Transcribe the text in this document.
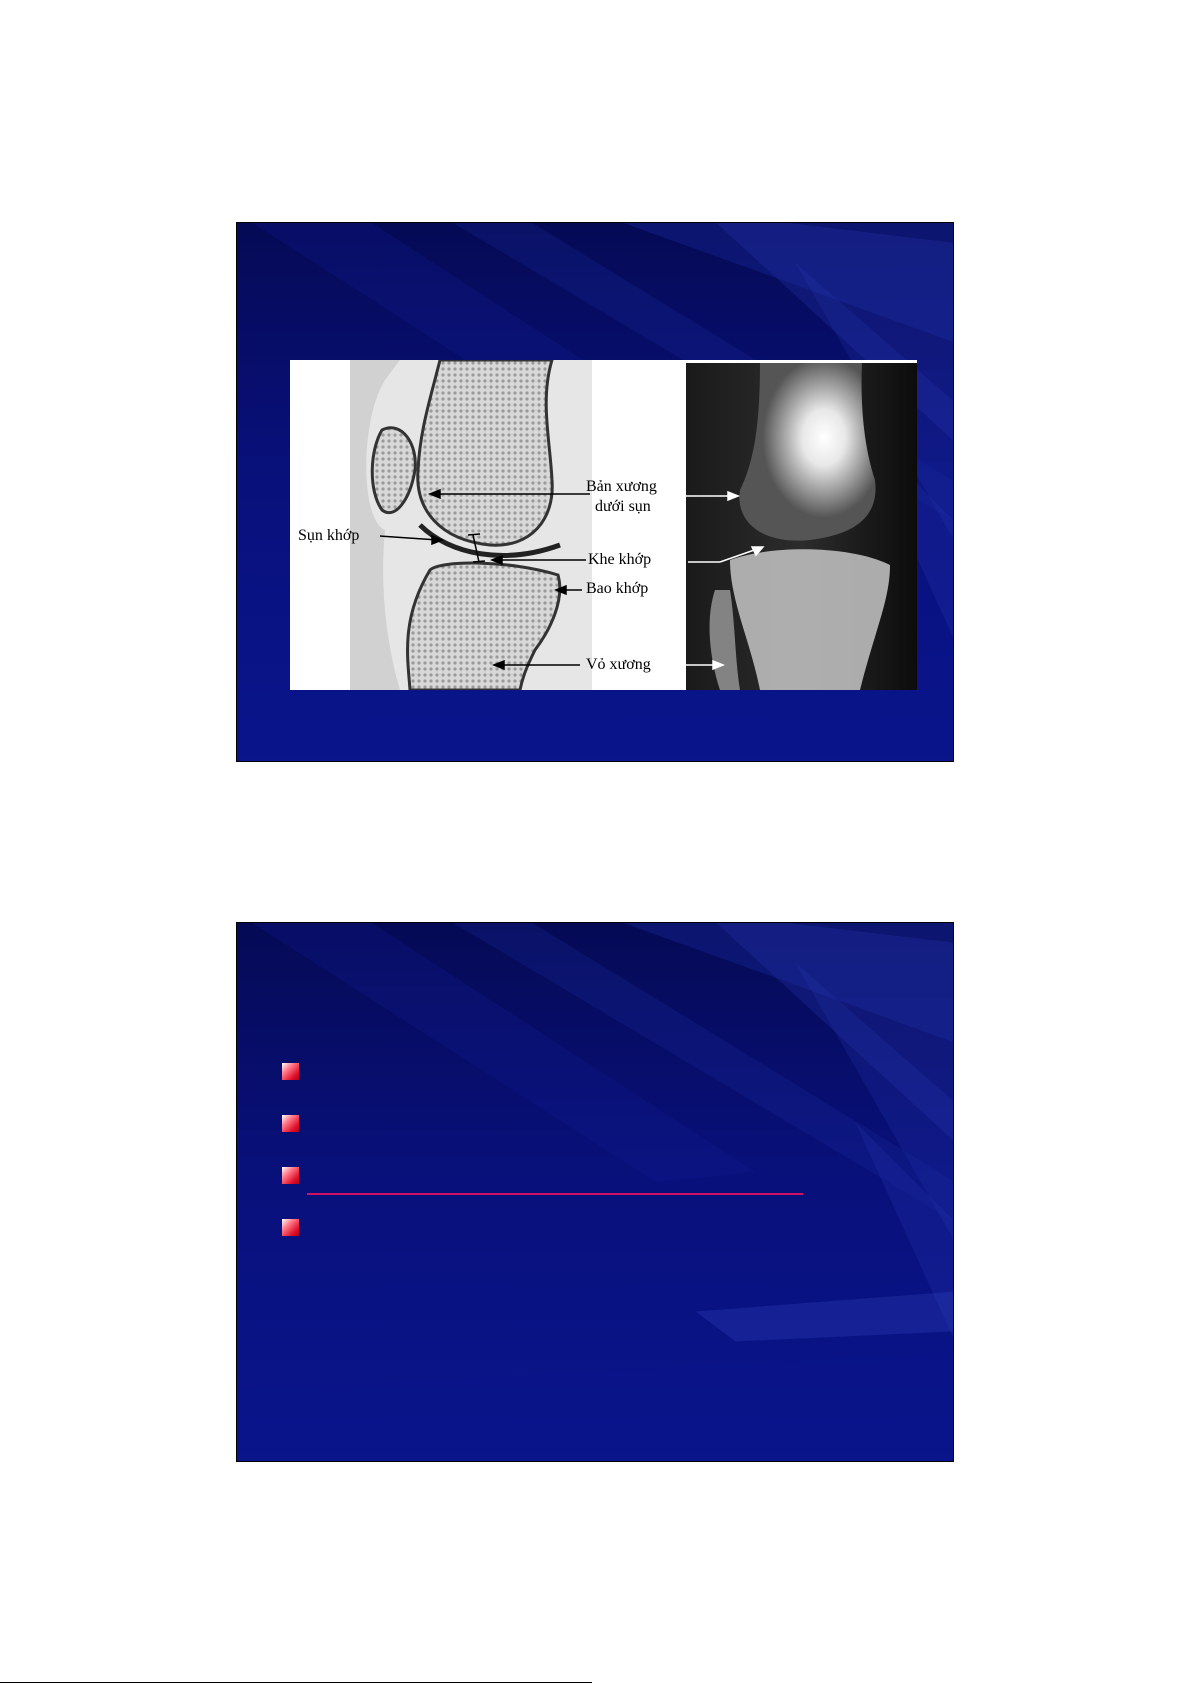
Bản xương
dưới sụn
Sụn khớp
Khe khớp
Bao khớp
Vỏ xương
